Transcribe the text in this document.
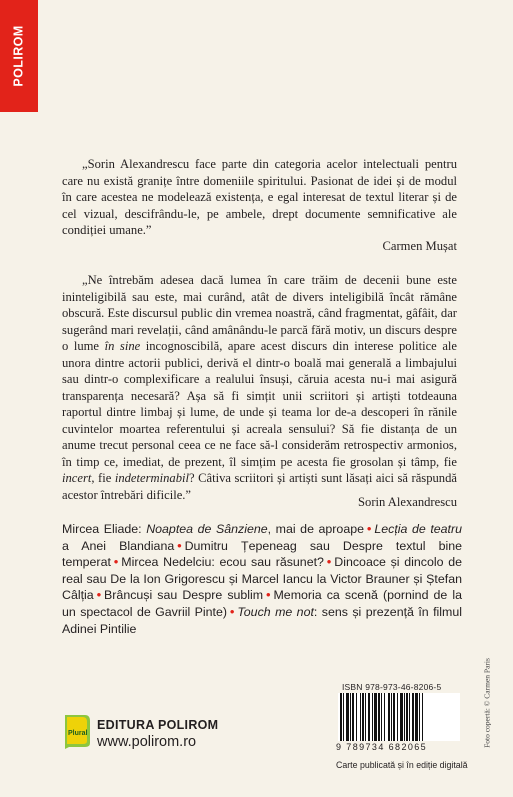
POLIROM
„Sorin Alexandrescu face parte din categoria acelor intelectuali pentru care nu există granițe între domeniile spiritului. Pasionat de idei și de modul în care acestea ne modelează existența, e egal interesat de textul literar și de cel vizual, descifrându-le, pe ambele, drept documente semnificative ale condiției umane.”
Carmen Mușat
„Ne întrebăm adesea dacă lumea în care trăim de decenii bune este ininteligibilă sau este, mai curând, atât de divers inteligibilă încât rămâne obscură. Este discursul public din vremea noastră, când fragmentat, gâfâit, dar sugerând mari revelații, când amânându-le parcă fără motiv, un discurs despre o lume în sine incognoscibilă, apare acest discurs din interese politice ale unora dintre actorii publici, derivă el dintr-o boală mai generală a limbajului sau dintr-o complexificare a realului însuși, căruia acesta nu-i mai asigură transparența necesară? Așa să fi simțit unii scriitori și artiști totdeauna raportul dintre limbaj și lume, de unde și teama lor de-a descoperi în rănile cuvintelor moartea referentului și acreala sensului? Să fie distanța de un anume trecut personal ceea ce ne face să-l considerăm retrospectiv armonios, în timp ce, imediat, de prezent, îl simțim pe acesta fie grosolan și tâmp, fie incert, fie indeterminabil? Câtiva scriitori și artiști sunt lăsați aici să răspundă acestor întrebări dificile.”
Sorin Alexandrescu
Mircea Eliade: Noaptea de Sânziene, mai de aproape • Lecția de teatru a Anei Blandiana • Dumitru Țepeneag sau Despre textul bine temperat • Mircea Nedelciu: ecou sau răsunet? • Dincoace și dincolo de real sau De la Ion Grigorescu și Marcel Iancu la Victor Brauner și Ștefan Câlția • Brâncuși sau Despre sublim • Memoria ca scenă (pornind de la un spectacol de Gavriil Pinte) • Touch me not: sens și prezență în filmul Adinei Pintilie
Foto copertă: © Carmen Paris
Plural
EDITURA POLIROM
www.polirom.ro
ISBN 978-973-46-8206-5
9 789734 682065
Carte publicată și în ediție digitală
